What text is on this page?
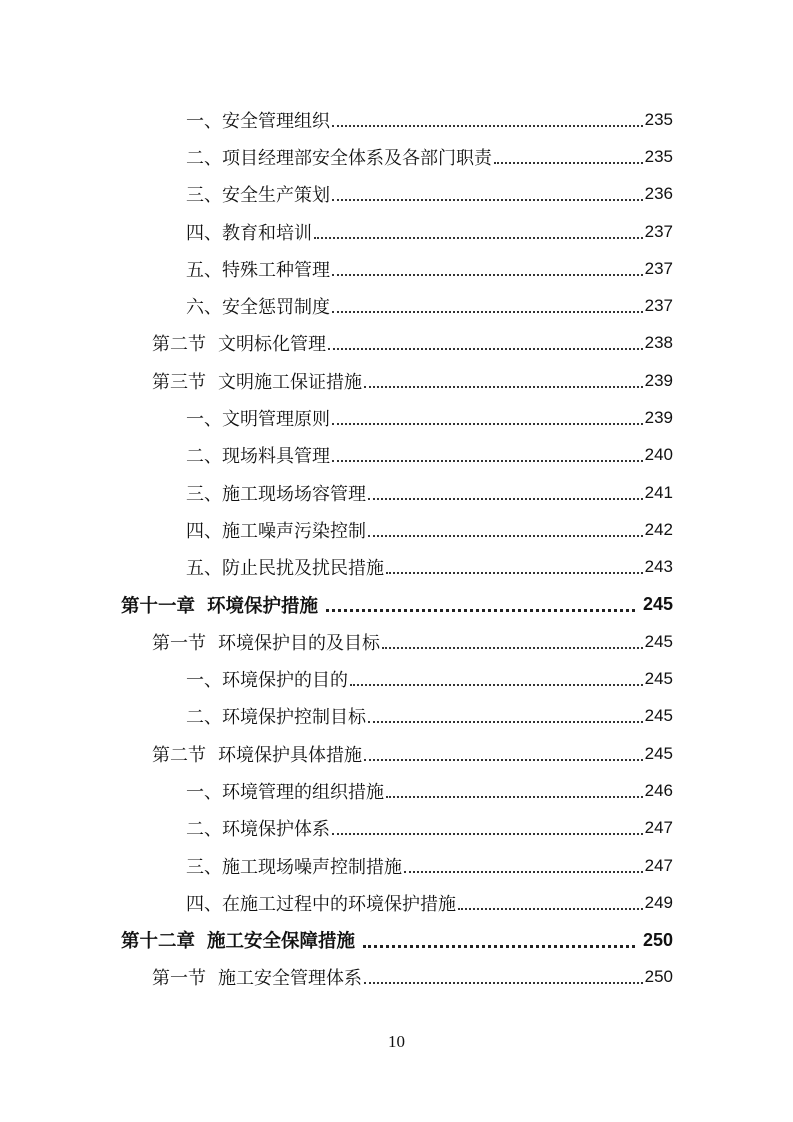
一、安全管理组织	235
二、项目经理部安全体系及各部门职责	235
三、安全生产策划	236
四、教育和培训	237
五、特殊工种管理	237
六、安全惩罚制度	237
第二节 文明标化管理	238
第三节 文明施工保证措施	239
一、文明管理原则	239
二、现场料具管理	240
三、施工现场场容管理	241
四、施工噪声污染控制	242
五、防止民扰及扰民措施	243
第十一章 环境保护措施	245
第一节 环境保护目的及目标	245
一、环境保护的目的	245
二、环境保护控制目标	245
第二节 环境保护具体措施	245
一、环境管理的组织措施	246
二、环境保护体系	247
三、施工现场噪声控制措施	247
四、在施工过程中的环境保护措施	249
第十二章 施工安全保障措施	250
第一节 施工安全管理体系	250
10
